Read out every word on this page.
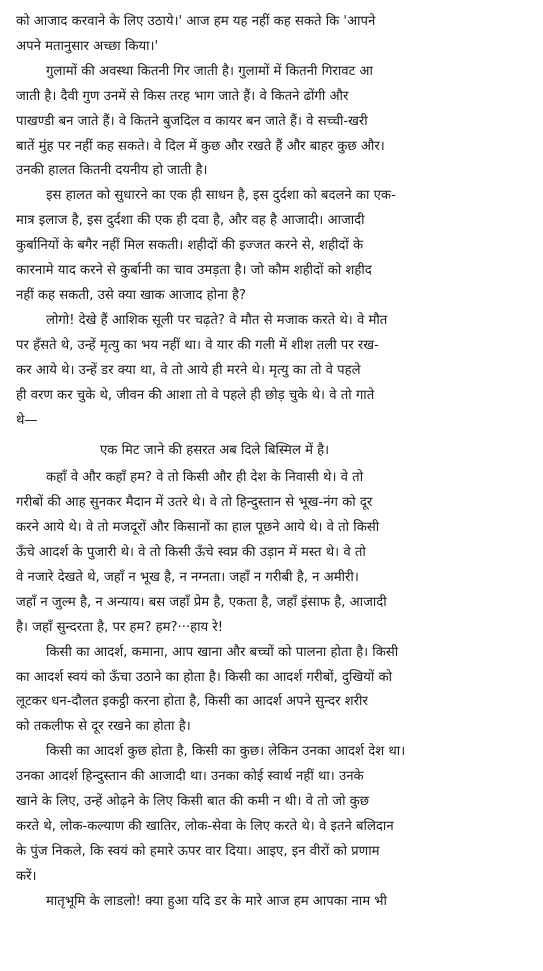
को आजाद करवाने के लिए उठाये।' आज हम यह नहीं कह सकते कि 'आपने
अपने मतानुसार अच्छा किया।'

गुलामों की अवस्था कितनी गिर जाती है। गुलामों में कितनी गिरावट आ
जाती है। दैवी गुण उनमें से किस तरह भाग जाते हैं। वे कितने ढोंगी और
पाखण्डी बन जाते हैं। वे कितने बुजदिल व कायर बन जाते हैं। वे सच्ची-खरी
बातें मुंह पर नहीं कह सकते। वे दिल में कुछ और रखते हैं और बाहर कुछ और।
उनकी हालत कितनी दयनीय हो जाती है।

इस हालत को सुधारने का एक ही साधन है, इस दुर्दशा को बदलने का एक-
मात्र इलाज है, इस दुर्दशा की एक ही दवा है, और वह है आजादी। आजादी
कुर्बानियों के बगैर नहीं मिल सकती। शहीदों की इज्जत करने से, शहीदों के
कारनामे याद करने से कुर्बानी का चाव उमड़ता है। जो कौम शहीदों को शहीद
नहीं कह सकती, उसे क्या खाक आजाद होना है?

लोगो! देखे हैं आशिक सूली पर चढ़ते? वे मौत से मजाक करते थे। वे मौत
पर हँसते थे, उन्हें मृत्यु का भय नहीं था। वे यार की गली में शीश तली पर रख-
कर आये थे। उन्हें डर क्या था, वे तो आये ही मरने थे। मृत्यु का तो वे पहले
ही वरण कर चुके थे, जीवन की आशा तो वे पहले ही छोड़ चुके थे। वे तो गाते
थे—

एक मिट जाने की हसरत अब दिले बिस्मिल में है।

कहाँ वे और कहाँ हम? वे तो किसी और ही देश के निवासी थे। वे तो
गरीबों की आह सुनकर मैदान में उतरे थे। वे तो हिन्दुस्तान से भूख-नंग को दूर
करने आये थे। वे तो मजदूरों और किसानों का हाल पूछने आये थे। वे तो किसी
ऊँचे आदर्श के पुजारी थे। वे तो किसी ऊँचे स्वप्न की उड़ान में मस्त थे। वे तो
वे नजारे देखते थे, जहाँ न भूख है, न नग्नता। जहाँ न गरीबी है, न अमीरी।
जहाँ न जुल्म है, न अन्याय। बस जहाँ प्रेम है, एकता है, जहाँ इंसाफ है, आजादी
है। जहाँ सुन्दरता है, पर हम? हम?···हाय रे!

किसी का आदर्श, कमाना, आप खाना और बच्चों को पालना होता है। किसी
का आदर्श स्वयं को ऊँचा उठाने का होता है। किसी का आदर्श गरीबों, दुखियों को
लूटकर धन-दौलत इकट्ठी करना होता है, किसी का आदर्श अपने सुन्दर शरीर
को तकलीफ से दूर रखने का होता है।

किसी का आदर्श कुछ होता है, किसी का कुछ। लेकिन उनका आदर्श देश था।
उनका आदर्श हिन्दुस्तान की आजादी था। उनका कोई स्वार्थ नहीं था। उनके
खाने के लिए, उन्हें ओढ़ने के लिए किसी बात की कमी न थी। वे तो जो कुछ
करते थे, लोक-कल्याण की खातिर, लोक-सेवा के लिए करते थे। वे इतने बलिदान
के पुंज निकले, कि स्वयं को हमारे ऊपर वार दिया। आइए, इन वीरों को प्रणाम
करें।

मातृभूमि के लाडलो! क्या हुआ यदि डर के मारे आज हम आपका नाम भी
